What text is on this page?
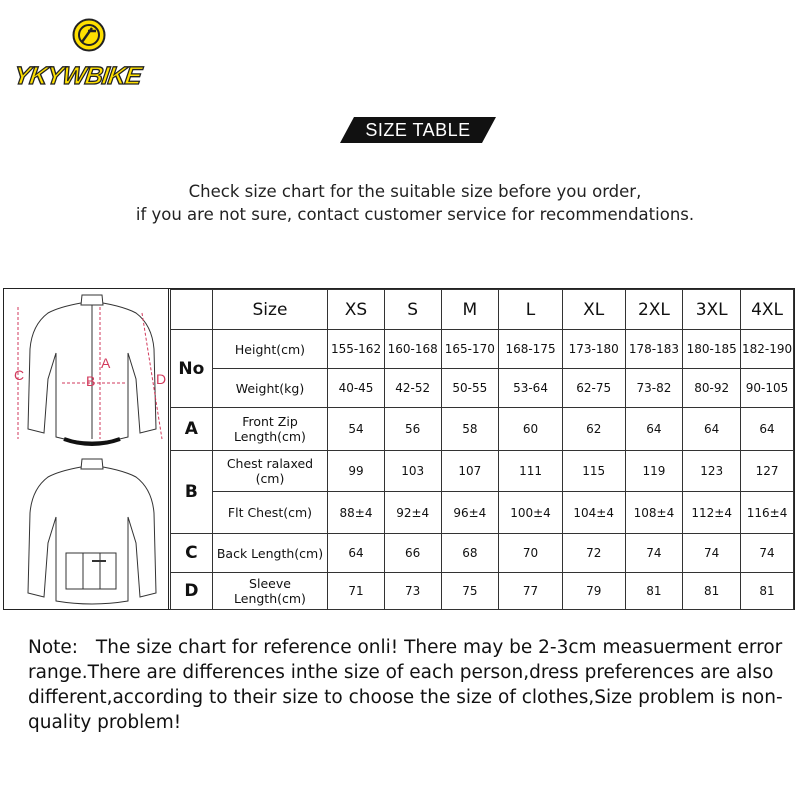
YKYWBIKE
SIZE TABLE
Check size chart for the suitable size before you order,
if you are not sure, contact customer service for recommendations.
C	B
A
D
	Size	XS	S	M	L	XL	2XL	3XL	4XL
No	Height(cm)	155-162	160-168	165-170	168-175	173-180	178-183	180-185	182-190
	Weight(kg)	40-45	42-52	50-55	53-64	62-75	73-82	80-92	90-105
A	Front Zip Length(cm)	54	56	58	60	62	64	64	64
B	Chest ralaxed (cm)	99	103	107	111	115	119	123	127
	Flt Chest(cm)	88±4	92±4	96±4	100±4	104±4	108±4	112±4	116±4
C	Back Length(cm)	64	66	68	70	72	74	74	74
D	Sleeve Length(cm)	71	73	75	77	79	81	81	81
Note: The size chart for reference onli! There may be 2-3cm measuerment error range.There are differences inthe size of each person,dress preferences are also different,according to their size to choose the size of clothes,Size problem is non-quality problem!
